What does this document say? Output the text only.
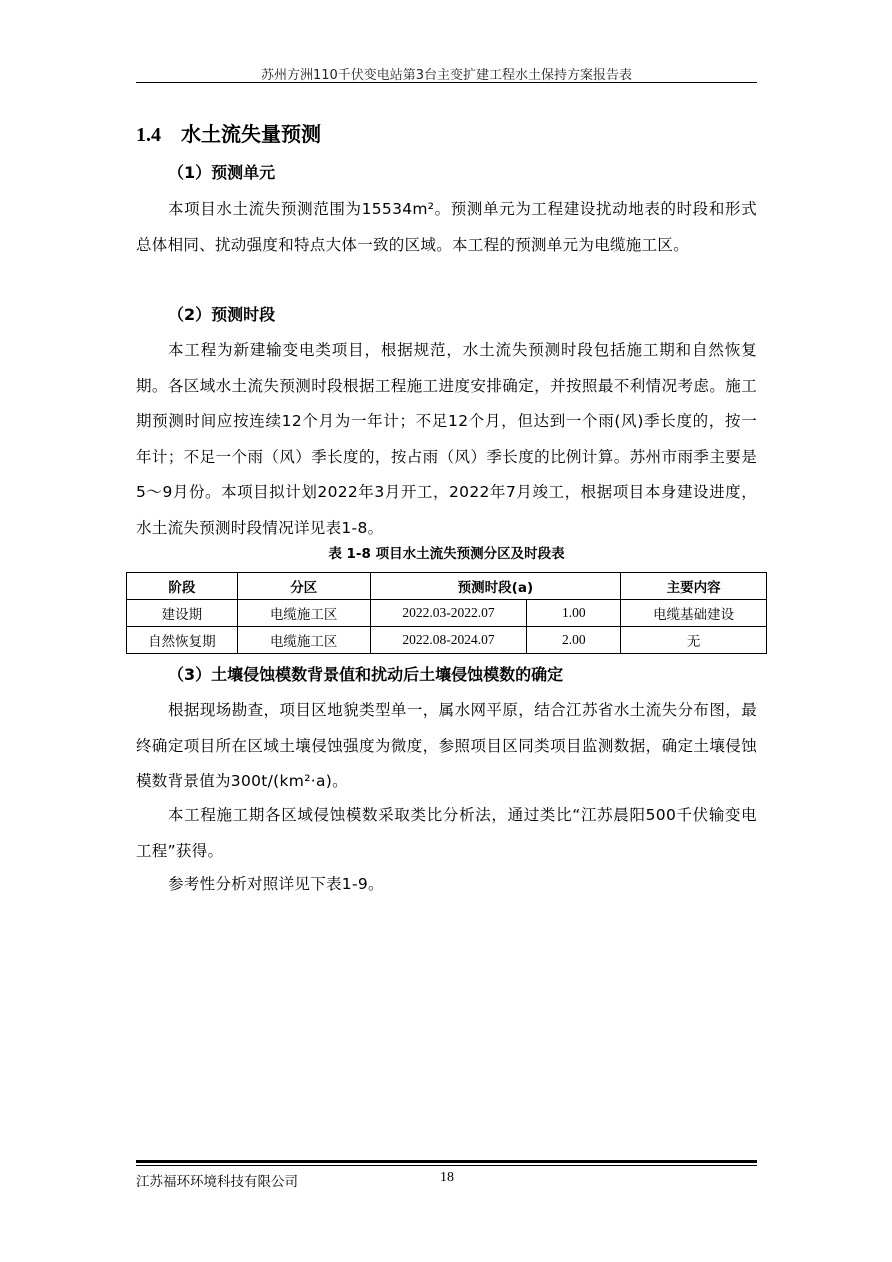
苏州方洲110千伏变电站第3台主变扩建工程水土保持方案报告表
1.4 水土流失量预测
（1）预测单元
本项目水土流失预测范围为15534m²。预测单元为工程建设扰动地表的时段和形式总体相同、扰动强度和特点大体一致的区域。本工程的预测单元为电缆施工区。
（2）预测时段
本工程为新建输变电类项目，根据规范，水土流失预测时段包括施工期和自然恢复期。各区域水土流失预测时段根据工程施工进度安排确定，并按照最不利情况考虑。施工期预测时间应按连续12个月为一年计；不足12个月，但达到一个雨(风)季长度的，按一年计；不足一个雨（风）季长度的，按占雨（风）季长度的比例计算。苏州市雨季主要是5～9月份。本项目拟计划2022年3月开工，2022年7月竣工，根据项目本身建设进度，水土流失预测时段情况详见表1-8。
表 1-8 项目水土流失预测分区及时段表
阶段	分区	预测时段(a)		主要内容
建设期	电缆施工区	2022.03-2022.07	1.00	电缆基础建设
自然恢复期	电缆施工区	2022.08-2024.07	2.00	无
（3）土壤侵蚀模数背景值和扰动后土壤侵蚀模数的确定
根据现场勘查，项目区地貌类型单一，属水网平原，结合江苏省水土流失分布图，最终确定项目所在区域土壤侵蚀强度为微度，参照项目区同类项目监测数据，确定土壤侵蚀模数背景值为300t/(km²·a)。
本工程施工期各区域侵蚀模数采取类比分析法，通过类比“江苏晨阳500千伏输变电工程”获得。
参考性分析对照详见下表1-9。
江苏福环环境科技有限公司	18
